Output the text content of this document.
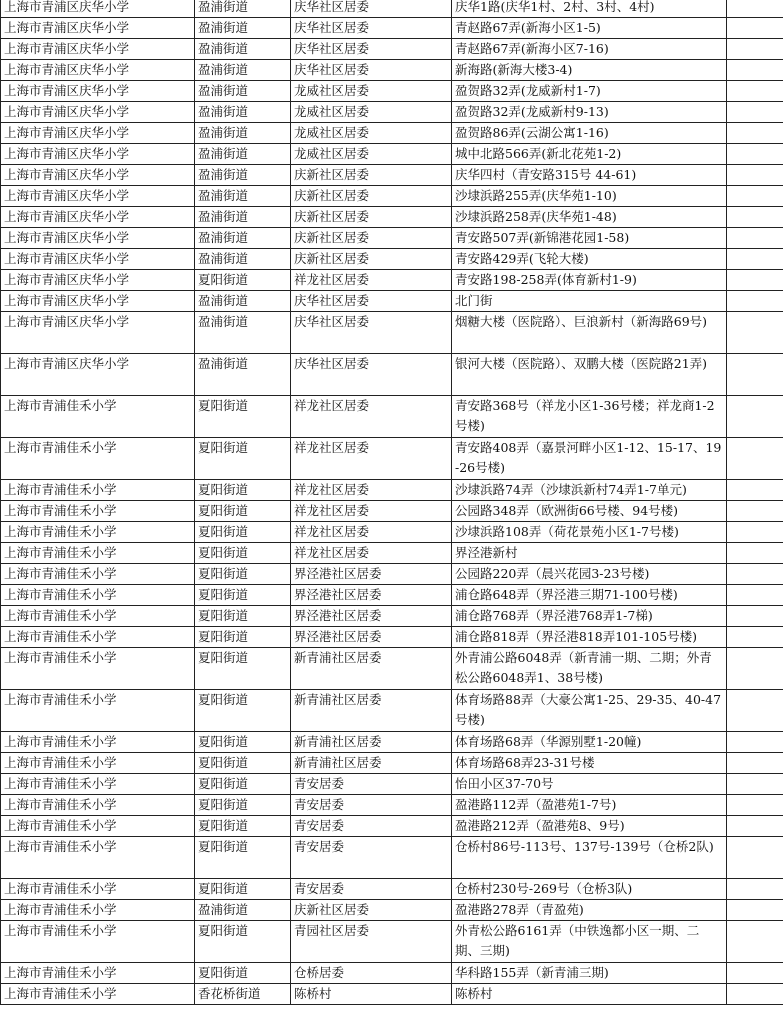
上海市青浦区庆华小学	盈浦街道	庆华社区居委	庆华1路(庆华1村、2村、3村、4村)	
上海市青浦区庆华小学	盈浦街道	庆华社区居委	青赵路67弄(新海小区1-5)	
上海市青浦区庆华小学	盈浦街道	庆华社区居委	青赵路67弄(新海小区7-16)	
上海市青浦区庆华小学	盈浦街道	庆华社区居委	新海路(新海大楼3-4)	
上海市青浦区庆华小学	盈浦街道	龙威社区居委	盈贺路32弄(龙威新村1-7)	
上海市青浦区庆华小学	盈浦街道	龙威社区居委	盈贺路32弄(龙威新村9-13)	
上海市青浦区庆华小学	盈浦街道	龙威社区居委	盈贺路86弄(云湖公寓1-16)	
上海市青浦区庆华小学	盈浦街道	龙威社区居委	城中北路566弄(新北花苑1-2)	
上海市青浦区庆华小学	盈浦街道	庆新社区居委	庆华四村（青安路315号 44-61)	
上海市青浦区庆华小学	盈浦街道	庆新社区居委	沙埭浜路255弄(庆华苑1-10)	
上海市青浦区庆华小学	盈浦街道	庆新社区居委	沙埭浜路258弄(庆华苑1-48)	
上海市青浦区庆华小学	盈浦街道	庆新社区居委	青安路507弄(新锦港花园1-58)	
上海市青浦区庆华小学	盈浦街道	庆新社区居委	青安路429弄(飞轮大楼)	
上海市青浦区庆华小学	夏阳街道	祥龙社区居委	青安路198-258弄(体育新村1-9)	
上海市青浦区庆华小学	盈浦街道	庆华社区居委	北门街	
上海市青浦区庆华小学	盈浦街道	庆华社区居委	烟糖大楼（医院路）、巨浪新村（新海路69号)	
上海市青浦区庆华小学	盈浦街道	庆华社区居委	银河大楼（医院路）、双鹏大楼（医院路21弄)	
上海市青浦佳禾小学	夏阳街道	祥龙社区居委	青安路368号（祥龙小区1-36号楼；祥龙商1-2号楼)	
上海市青浦佳禾小学	夏阳街道	祥龙社区居委	青安路408弄（嘉景河畔小区1-12、15-17、19-26号楼)	
上海市青浦佳禾小学	夏阳街道	祥龙社区居委	沙埭浜路74弄（沙埭浜新村74弄1-7单元)	
上海市青浦佳禾小学	夏阳街道	祥龙社区居委	公园路348弄（欧洲街66号楼、94号楼)	
上海市青浦佳禾小学	夏阳街道	祥龙社区居委	沙埭浜路108弄（荷花景苑小区1-7号楼)	
上海市青浦佳禾小学	夏阳街道	祥龙社区居委	界泾港新村	
上海市青浦佳禾小学	夏阳街道	界泾港社区居委	公园路220弄（晨兴花园3-23号楼)	
上海市青浦佳禾小学	夏阳街道	界泾港社区居委	浦仓路648弄（界泾港三期71-100号楼)	
上海市青浦佳禾小学	夏阳街道	界泾港社区居委	浦仓路768弄（界泾港768弄1-7梯)	
上海市青浦佳禾小学	夏阳街道	界泾港社区居委	浦仓路818弄（界泾港818弄101-105号楼)	
上海市青浦佳禾小学	夏阳街道	新青浦社区居委	外青浦公路6048弄（新青浦一期、二期；外青松公路6048弄1、38号楼)	
上海市青浦佳禾小学	夏阳街道	新青浦社区居委	体育场路88弄（大豪公寓1-25、29-35、40-47号楼)	
上海市青浦佳禾小学	夏阳街道	新青浦社区居委	体育场路68弄（华源别墅1-20幢)	
上海市青浦佳禾小学	夏阳街道	新青浦社区居委	体育场路68弄23-31号楼	
上海市青浦佳禾小学	夏阳街道	青安居委	怡田小区37-70号	
上海市青浦佳禾小学	夏阳街道	青安居委	盈港路112弄（盈港苑1-7号)	
上海市青浦佳禾小学	夏阳街道	青安居委	盈港路212弄（盈港苑8、9号)	
上海市青浦佳禾小学	夏阳街道	青安居委	仓桥村86号-113号、137号-139号（仓桥2队)	
上海市青浦佳禾小学	夏阳街道	青安居委	仓桥村230号-269号（仓桥3队)	
上海市青浦佳禾小学	盈浦街道	庆新社区居委	盈港路278弄（青盈苑)	
上海市青浦佳禾小学	夏阳街道	青园社区居委	外青松公路6161弄（中铁逸都小区一期、二期、三期)	
上海市青浦佳禾小学	夏阳街道	仓桥居委	华科路155弄（新青浦三期)	
上海市青浦佳禾小学	香花桥街道	陈桥村	陈桥村	
